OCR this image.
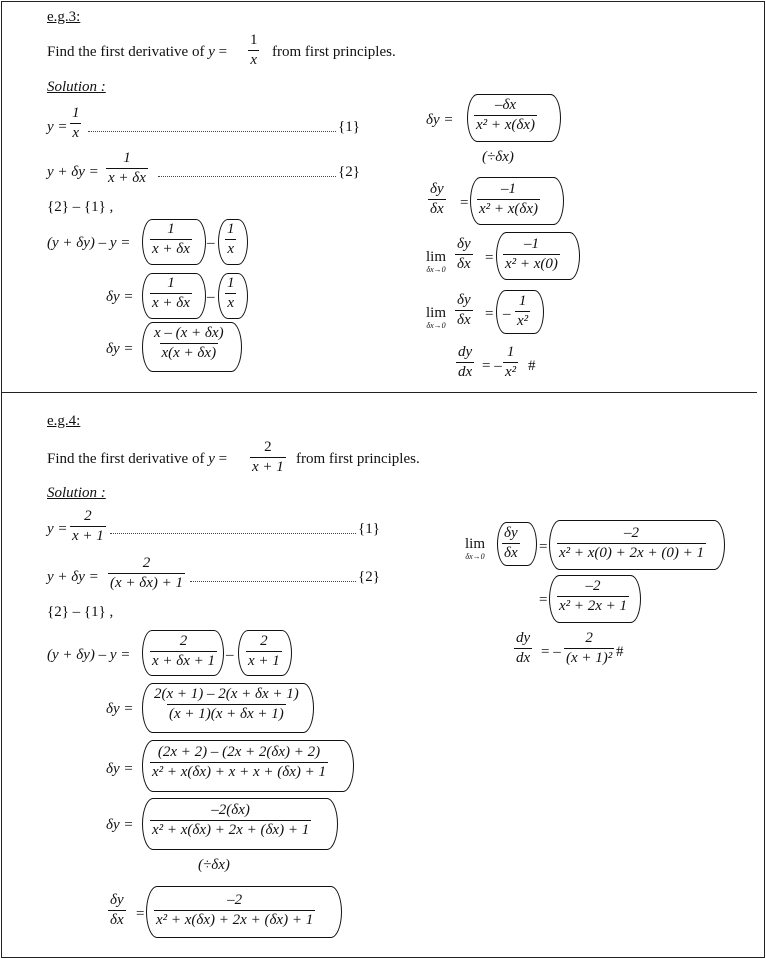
e.g.3:
Find the first derivative of $y = \frac{1}{x}$ from first principles.
Solution :
$y = \frac{1}{x}$	{1}
$y + \delta y = \frac{1}{x + \delta x}$	{2}
{2} – {1} ,
$(y + \delta y) - y = \frac{1}{x + \delta x} - \frac{1}{x}$
$\delta y = \frac{1}{x + \delta x} - \frac{1}{x}$
$\delta y = \frac{x - (x + \delta x)}{x(x + \delta x)}$
$\delta y = \frac{-\delta x}{\text{x² + x(δx)}}$
(÷δx)
$\frac{\delta y}{\delta x} = \frac{-1}{\text{x² + x(δx)}}$
lim
$\delta x\to 0 \frac{\delta y}{\delta x} = \frac{-1}{\text{x² + x(0)}}$
lim
$\delta x\to 0 \frac{\delta y}{\delta x}$ = – $\frac{1}{\text{x²}}$
$\frac{dy}{dx}$ = – $\frac{1}{\text{x²}}$ #
e.g.4:
Find the first derivative of $y = \frac{2}{x + 1}$ from first principles.
Solution :
$y = \frac{2}{x + 1}$	{1}
$y + \delta y = \frac{2}{(x + \delta x) + 1}$	{2}
{2} – {1} ,
$(y + \delta y) - y = \frac{2}{x + \delta x + 1} - \frac{2}{x + 1}$
$\delta y = \frac{2(x + 1) - 2(x + \delta x + 1)}{(x + 1)(x + \delta x + 1)}$
$\delta y = \frac{(2x + 2) - (2x + 2(\delta x) + 2)}{\text{x² + x(δx) + x + x + (δx) + 1}}$
$\delta y = \frac{-2(\delta x)}{\text{x² + x(δx) + 2x + (δx) + 1}}$
(÷δx)
$\frac{\delta y}{\delta x} = \frac{-2}{\text{x² + x(δx) + 2x + (δx) + 1}}$
lim
$\delta x\to 0 \frac{\delta y}{\delta x} = \frac{-2}{\text{x² + x(0) + 2x + (0) + 1}}$
= $\frac{-2}{\text{x² + 2x + 1}}$
$\frac{dy}{dx}$ = – $\frac{2}{\text{(x + 1)²}}$ #
